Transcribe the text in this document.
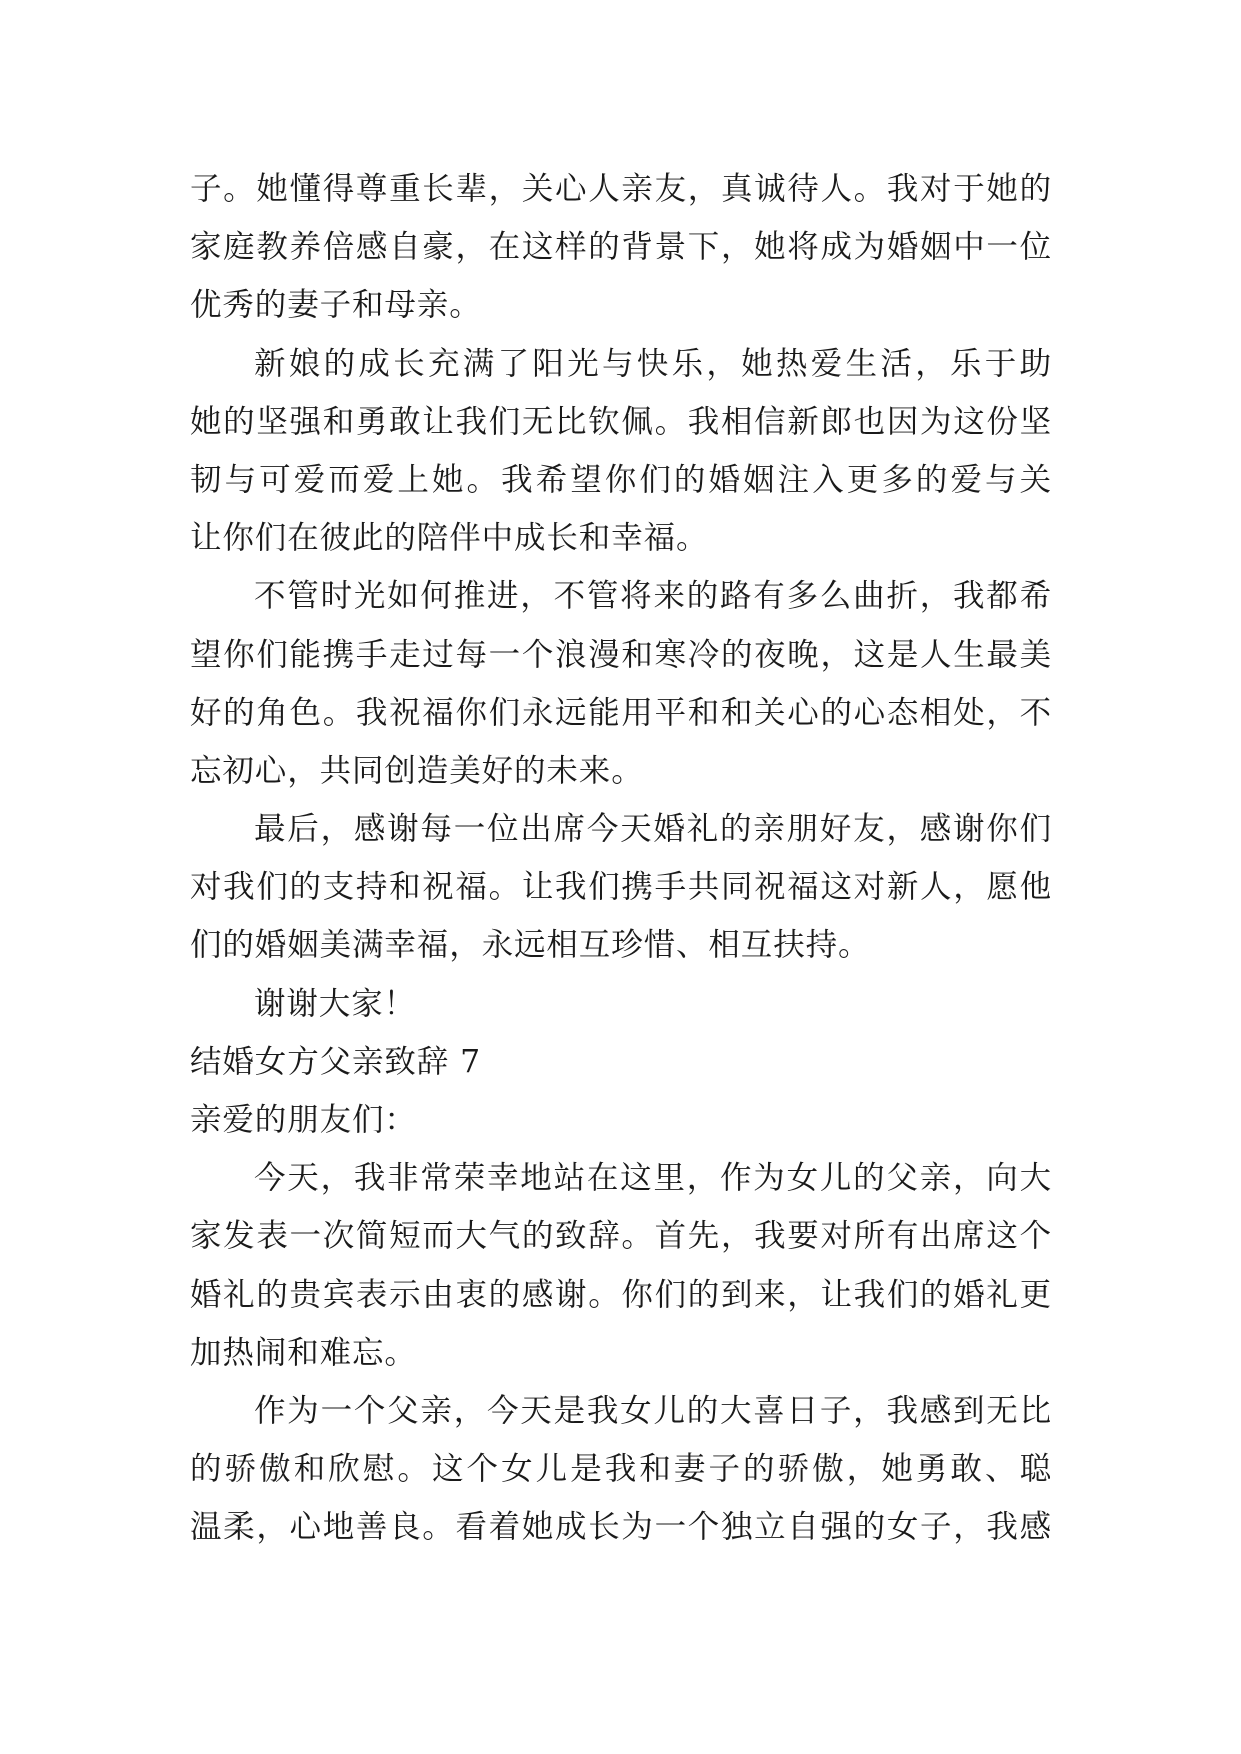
子。她懂得尊重长辈，关心人亲友，真诚待人。我对于她的
家庭教养倍感自豪，在这样的背景下，她将成为婚姻中一位
优秀的妻子和母亲。
新娘的成长充满了阳光与快乐，她热爱生活，乐于助
她的坚强和勇敢让我们无比钦佩。我相信新郎也因为这份坚
韧与可爱而爱上她。我希望你们的婚姻注入更多的爱与关
让你们在彼此的陪伴中成长和幸福。
不管时光如何推进，不管将来的路有多么曲折，我都希
望你们能携手走过每一个浪漫和寒冷的夜晚，这是人生最美
好的角色。我祝福你们永远能用平和和关心的心态相处，不
忘初心，共同创造美好的未来。
最后，感谢每一位出席今天婚礼的亲朋好友，感谢你们
对我们的支持和祝福。让我们携手共同祝福这对新人，愿他
们的婚姻美满幸福，永远相互珍惜、相互扶持。
谢谢大家！
结婚女方父亲致辞 7
亲爱的朋友们：
今天，我非常荣幸地站在这里，作为女儿的父亲，向大
家发表一次简短而大气的致辞。首先，我要对所有出席这个
婚礼的贵宾表示由衷的感谢。你们的到来，让我们的婚礼更
加热闹和难忘。
作为一个父亲，今天是我女儿的大喜日子，我感到无比
的骄傲和欣慰。这个女儿是我和妻子的骄傲，她勇敢、聪
温柔，心地善良。看着她成长为一个独立自强的女子，我感
